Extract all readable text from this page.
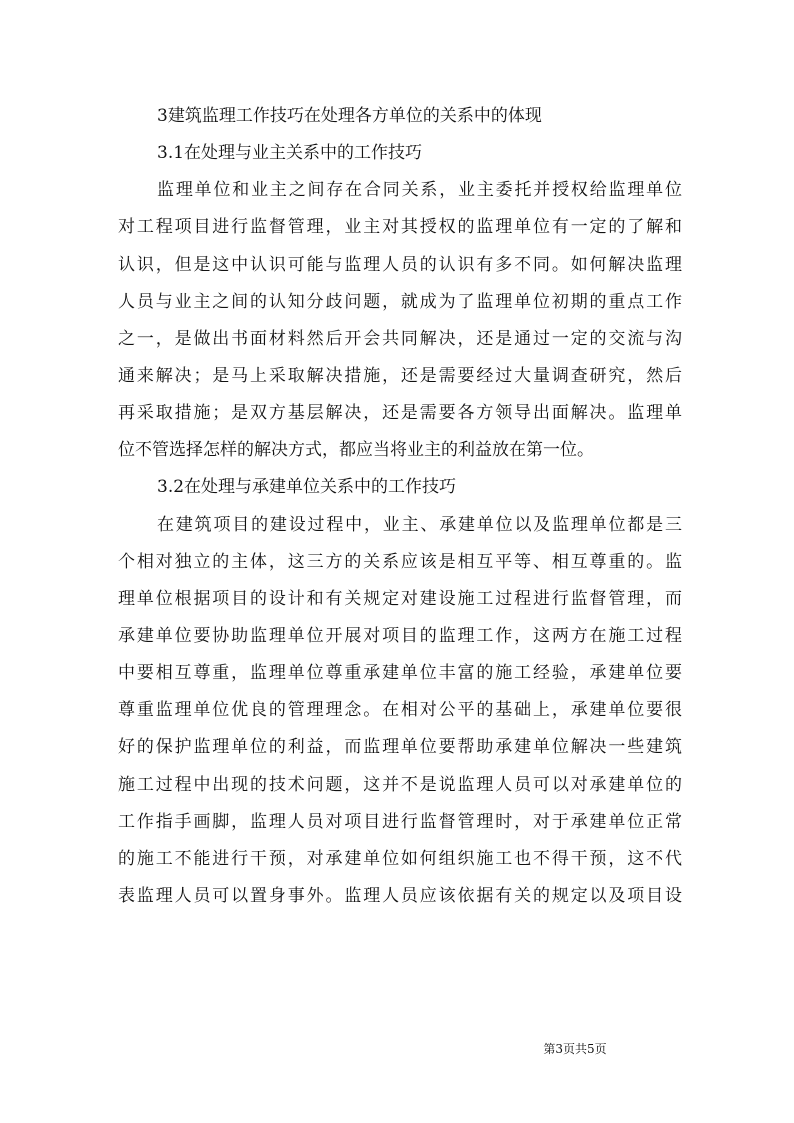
3建筑监理工作技巧在处理各方单位的关系中的体现
3.1在处理与业主关系中的工作技巧
监理单位和业主之间存在合同关系，业主委托并授权给监理单位
对工程项目进行监督管理，业主对其授权的监理单位有一定的了解和
认识，但是这中认识可能与监理人员的认识有多不同。如何解决监理
人员与业主之间的认知分歧问题，就成为了监理单位初期的重点工作
之一，是做出书面材料然后开会共同解决，还是通过一定的交流与沟
通来解决；是马上采取解决措施，还是需要经过大量调查研究，然后
再采取措施；是双方基层解决，还是需要各方领导出面解决。监理单
位不管选择怎样的解决方式，都应当将业主的利益放在第一位。
3.2在处理与承建单位关系中的工作技巧
在建筑项目的建设过程中，业主、承建单位以及监理单位都是三
个相对独立的主体，这三方的关系应该是相互平等、相互尊重的。监
理单位根据项目的设计和有关规定对建设施工过程进行监督管理，而
承建单位要协助监理单位开展对项目的监理工作，这两方在施工过程
中要相互尊重，监理单位尊重承建单位丰富的施工经验，承建单位要
尊重监理单位优良的管理理念。在相对公平的基础上，承建单位要很
好的保护监理单位的利益，而监理单位要帮助承建单位解决一些建筑
施工过程中出现的技术问题，这并不是说监理人员可以对承建单位的
工作指手画脚，监理人员对项目进行监督管理时，对于承建单位正常
的施工不能进行干预，对承建单位如何组织施工也不得干预，这不代
表监理人员可以置身事外。监理人员应该依据有关的规定以及项目设
第3页共5页
